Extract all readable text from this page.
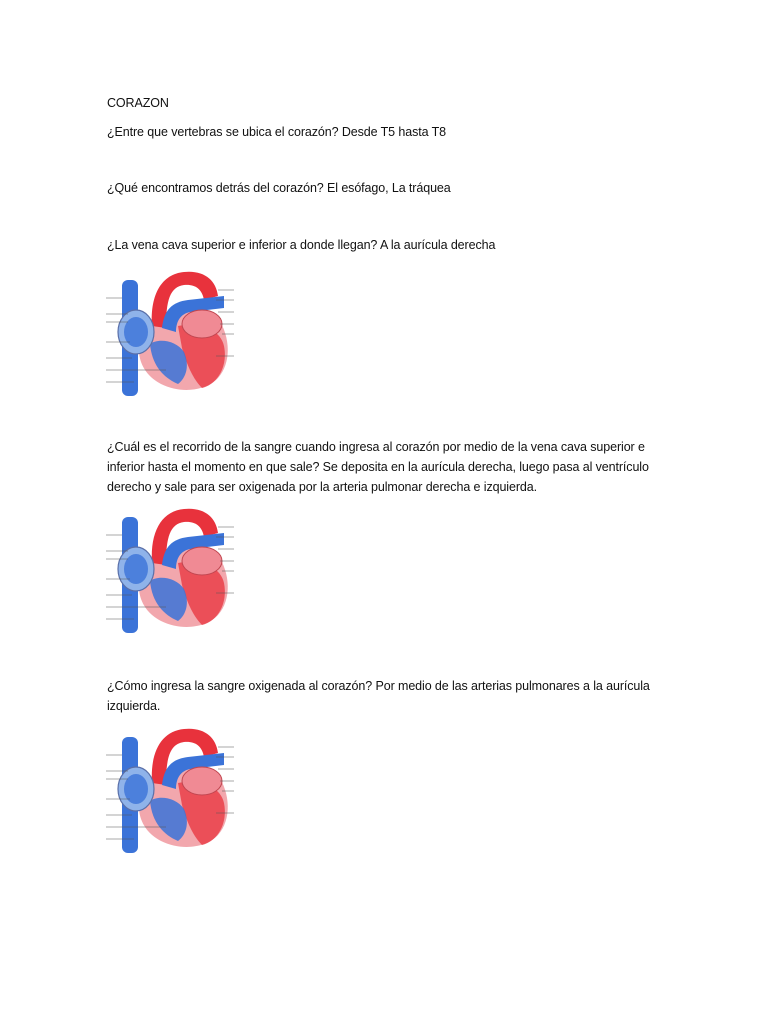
CORAZON

¿Entre que vertebras se ubica el corazón? Desde T5 hasta T8

¿Qué encontramos detrás del corazón? El esófago, La tráquea

¿La vena cava superior e inferior a donde llegan? A la aurícula derecha

¿Cuál es el recorrido de la sangre cuando ingresa al corazón por medio de la vena cava superior e

inferior hasta el momento en que sale? Se deposita en la aurícula derecha, luego pasa al ventrículo

derecho y sale para ser oxigenada por la arteria pulmonar derecha e izquierda.

¿Cómo ingresa la sangre oxigenada al corazón? Por medio de las arterias pulmonares a la aurícula

izquierda.
